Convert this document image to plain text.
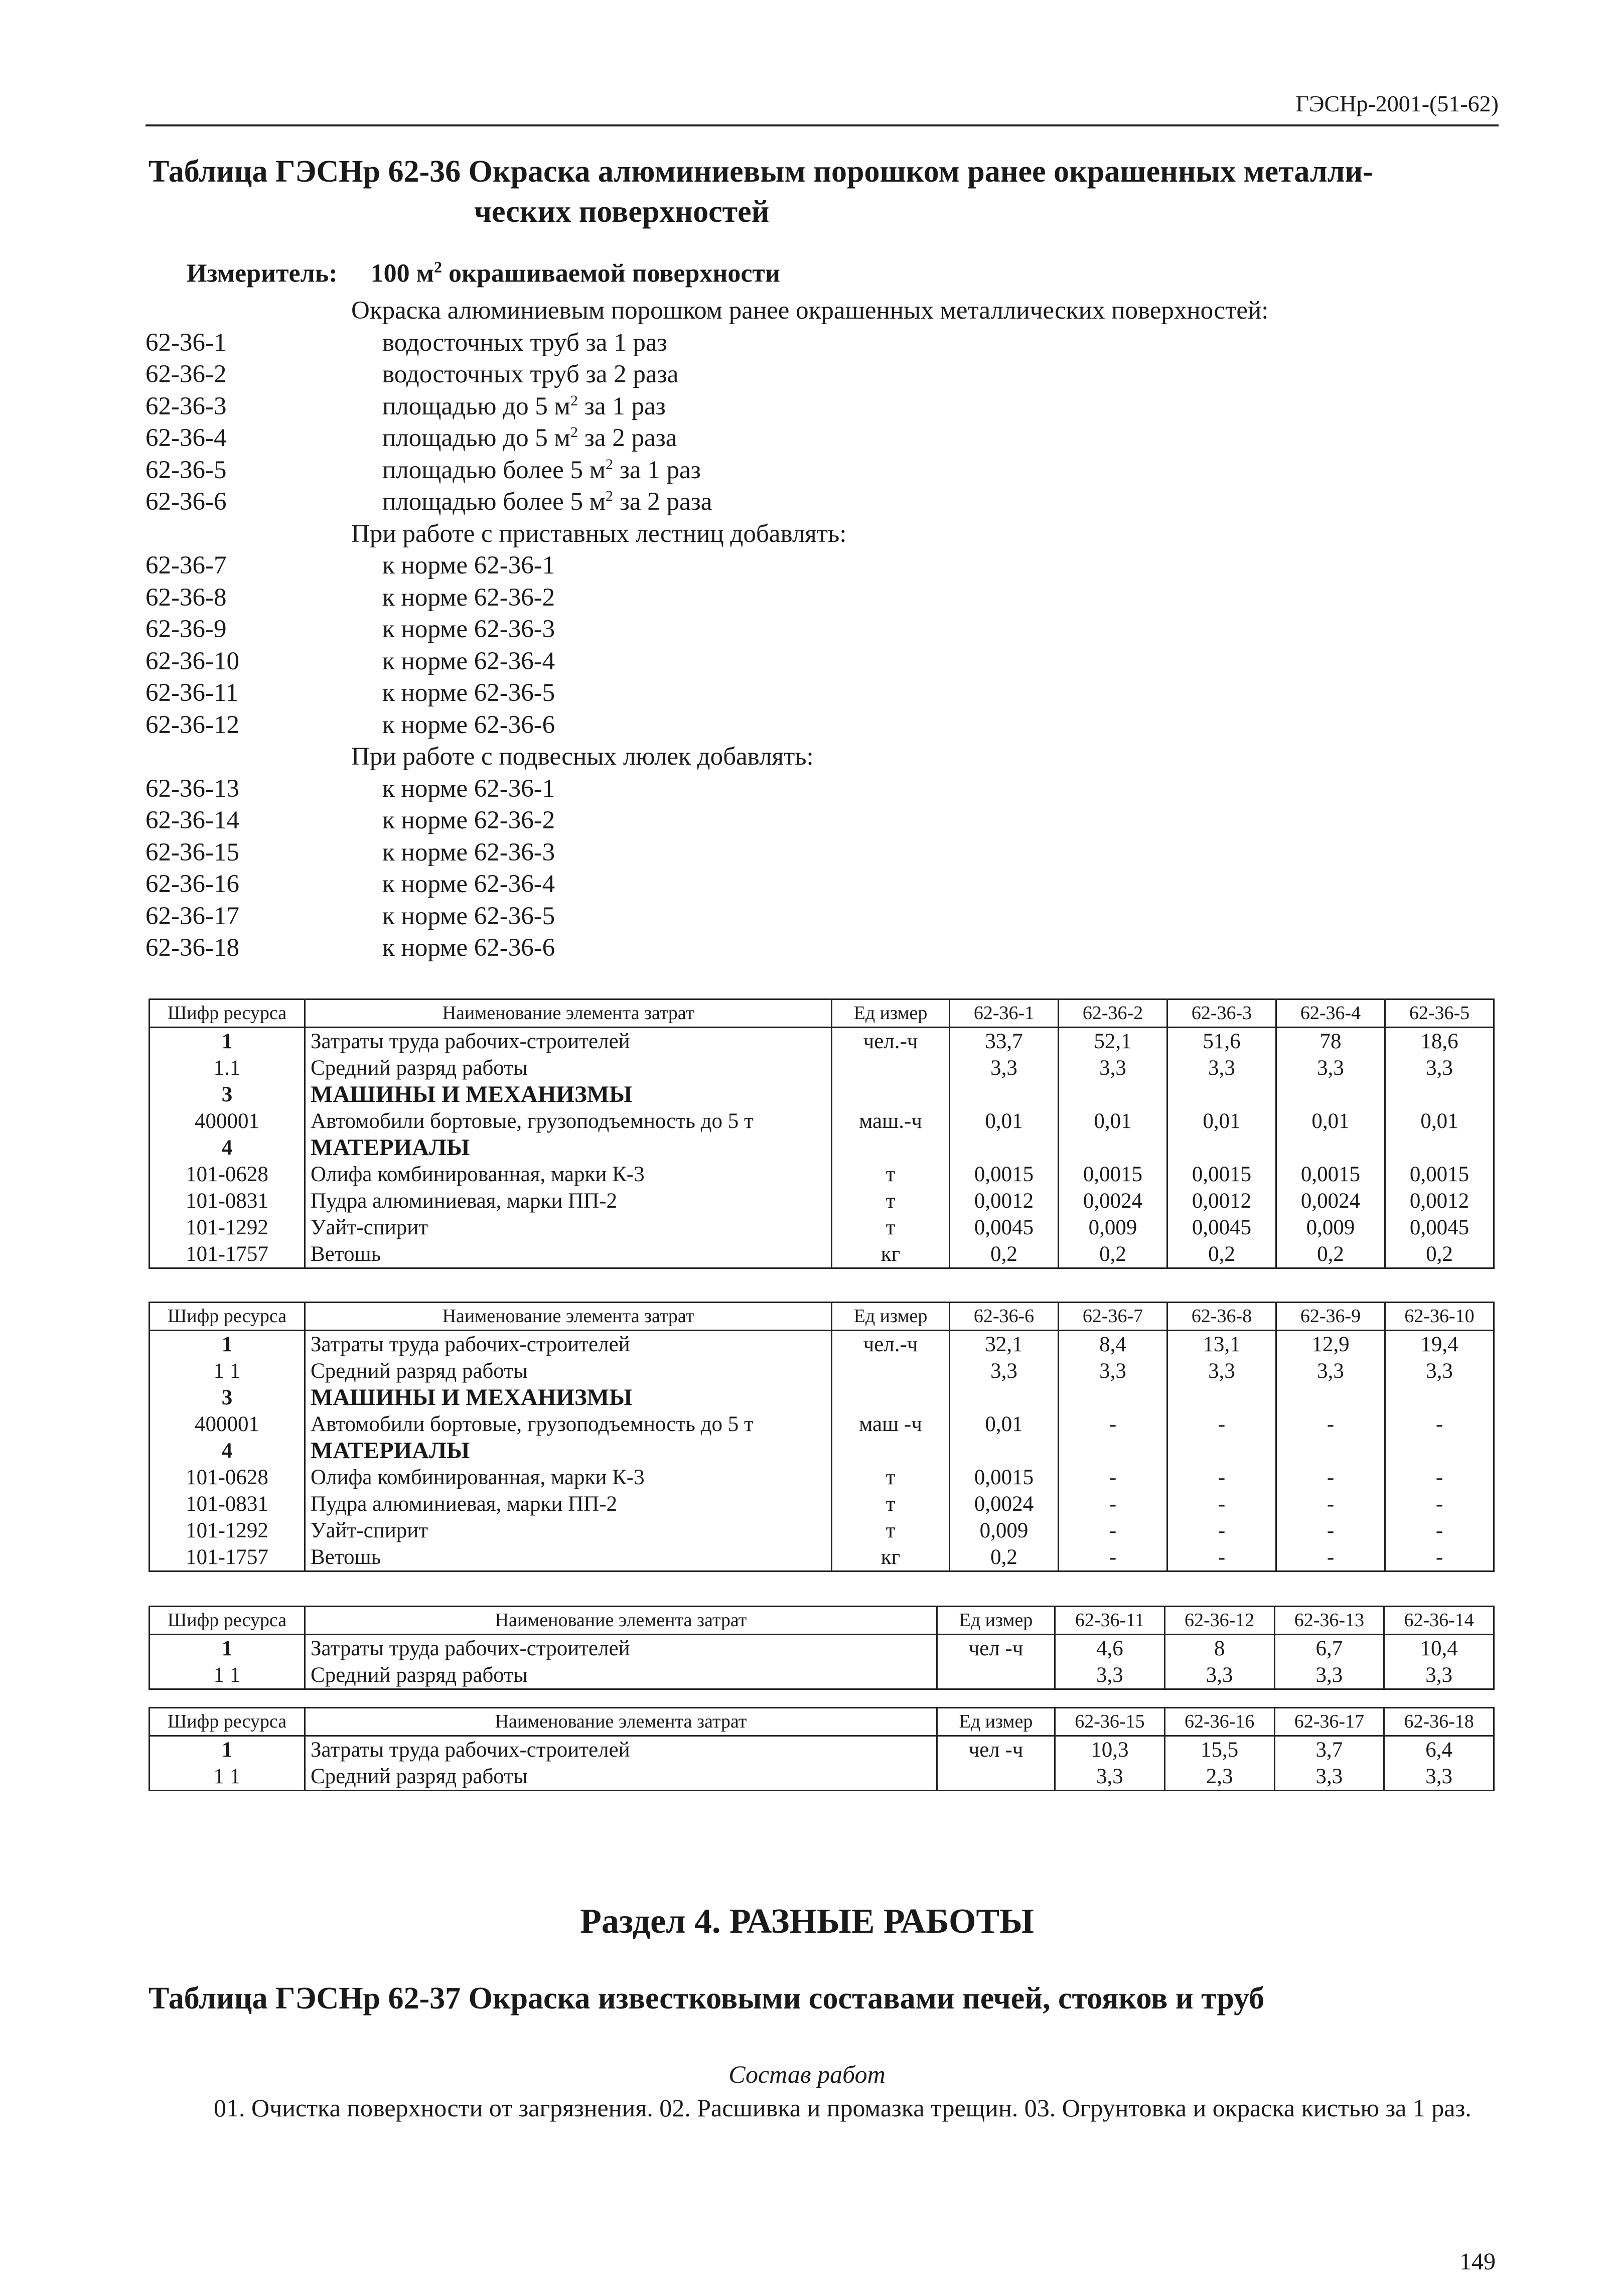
ГЭСНр-2001-(51-62)
Таблица ГЭСНр 62-36 Окраска алюминиевым порошком ранее окрашенных металли-
ческих поверхностей
Измеритель: 100 $м^2$ окрашиваемой поверхности
Окраска алюминиевым порошком ранее окрашенных металлических поверхностей:
62-36-1	водосточных труб за 1 раз
62-36-2	водосточных труб за 2 раза
62-36-3	площадью до 5 $м^2$ за 1 раз
62-36-4	площадью до 5 $м^2$ за 2 раза
62-36-5	площадью более 5 $м^2$ за 1 раз
62-36-6	площадью более 5 $м^2$ за 2 раза
При работе с приставных лестниц добавлять:
62-36-7	к норме 62-36-1
62-36-8	к норме 62-36-2
62-36-9	к норме 62-36-3
62-36-10	к норме 62-36-4
62-36-11	к норме 62-36-5
62-36-12	к норме 62-36-6
При работе с подвесных люлек добавлять:
62-36-13	к норме 62-36-1
62-36-14	к норме 62-36-2
62-36-15	к норме 62-36-3
62-36-16	к норме 62-36-4
62-36-17	к норме 62-36-5
62-36-18	к норме 62-36-6
Шифр ресурса	Наименование элемента затрат	Ед измер	62-36-1	62-36-2	62-36-3	62-36-4	62-36-5
1	Затраты труда рабочих-строителей	чел.-ч	33,7	52,1	51,6	78	18,6
1.1	Средний разряд работы		3,3	3,3	3,3	3,3	3,3
3	МАШИНЫ И МЕХАНИЗМЫ						
400001	Автомобили бортовые, грузоподъемность до 5 т	маш.-ч	0,01	0,01	0,01	0,01	0,01
4	МАТЕРИАЛЫ						
101-0628	Олифа комбинированная, марки К-3	т	0,0015	0,0015	0,0015	0,0015	0,0015
101-0831	Пудра алюминиевая, марки ПП-2	т	0,0012	0,0024	0,0012	0,0024	0,0012
101-1292	Уайт-спирит	т	0,0045	0,009	0,0045	0,009	0,0045
101-1757	Ветошь	кг	0,2	0,2	0,2	0,2	0,2
Шифр ресурса	Наименование элемента затрат	Ед измер	62-36-6	62-36-7	62-36-8	62-36-9	62-36-10
1	Затраты труда рабочих-строителей	чел.-ч	32,1	8,4	13,1	12,9	19,4
1 1	Средний разряд работы		3,3	3,3	3,3	3,3	3,3
3	МАШИНЫ И МЕХАНИЗМЫ						
400001	Автомобили бортовые, грузоподъемность до 5 т	маш -ч	0,01	-	-	-	-
4	МАТЕРИАЛЫ						
101-0628	Олифа комбинированная, марки К-3	т	0,0015	-	-	-	-
101-0831	Пудра алюминиевая, марки ПП-2	т	0,0024	-	-	-	-
101-1292	Уайт-спирит	т	0,009	-	-	-	-
101-1757	Ветошь	кг	0,2	-	-	-	-
Шифр ресурса	Наименование элемента затрат	Ед измер	62-36-11	62-36-12	62-36-13	62-36-14
1	Затраты труда рабочих-строителей	чел -ч	4,6	8	6,7	10,4
1 1	Средний разряд работы		3,3	3,3	3,3	3,3
Шифр ресурса	Наименование элемента затрат	Ед измер	62-36-15	62-36-16	62-36-17	62-36-18
1	Затраты труда рабочих-строителей	чел -ч	10,3	15,5	3,7	6,4
1 1	Средний разряд работы		3,3	2,3	3,3	3,3
Раздел 4. РАЗНЫЕ РАБОТЫ
Таблица ГЭСНр 62-37 Окраска известковыми составами печей, стояков и труб
Состав работ
01. Очистка поверхности от загрязнения. 02. Расшивка и промазка трещин. 03. Огрунтовка и окраска кистью за 1 раз.
149
